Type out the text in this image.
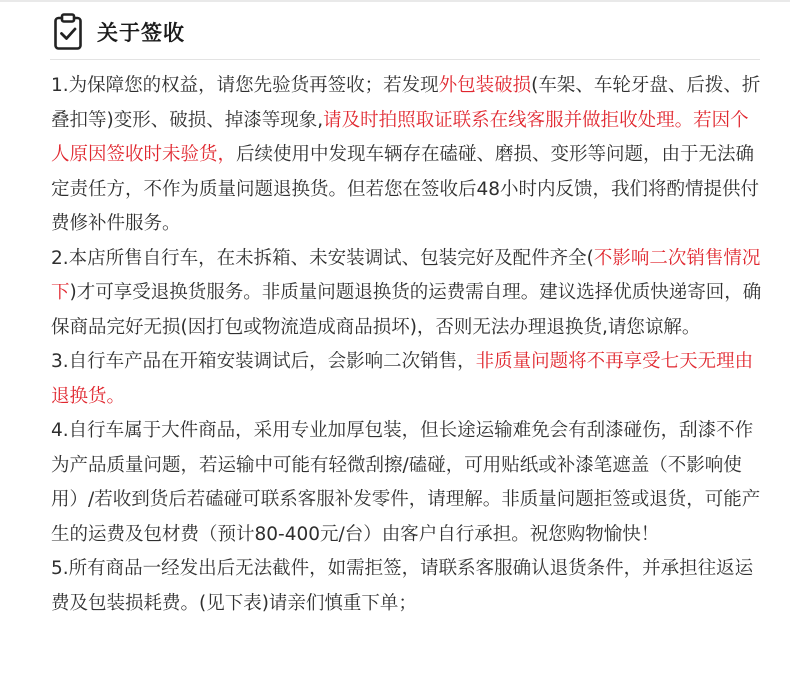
关于签收

1.为保障您的权益，请您先验货再签收；若发现外包装破损(车架、车轮牙盘、后拨、折叠扣等)变形、破损、掉漆等现象,请及时拍照取证联系在线客服并做拒收处理。若因个人原因签收时未验货，后续使用中发现车辆存在磕碰、磨损、变形等问题，由于无法确定责任方，不作为质量问题退换货。但若您在签收后48小时内反馈，我们将酌情提供付费修补件服务。

2.本店所售自行车，在未拆箱、未安装调试、包装完好及配件齐全(不影响二次销售情况下)才可享受退换货服务。非质量问题退换货的运费需自理。建议选择优质快递寄回，确保商品完好无损(因打包或物流造成商品损坏)，否则无法办理退换货,请您谅解。

3.自行车产品在开箱安装调试后，会影响二次销售，非质量问题将不再享受七天无理由退换货。

4.自行车属于大件商品，采用专业加厚包装，但长途运输难免会有刮漆碰伤，刮漆不作为产品质量问题，若运输中可能有轻微刮擦/磕碰，可用贴纸或补漆笔遮盖（不影响使用）/若收到货后若磕碰可联系客服补发零件，请理解。非质量问题拒签或退货，可能产生的运费及包材费（预计80-400元/台）由客户自行承担。祝您购物愉快！

5.所有商品一经发出后无法截件，如需拒签，请联系客服确认退货条件，并承担往返运费及包装损耗费。(见下表)请亲们慎重下单；
